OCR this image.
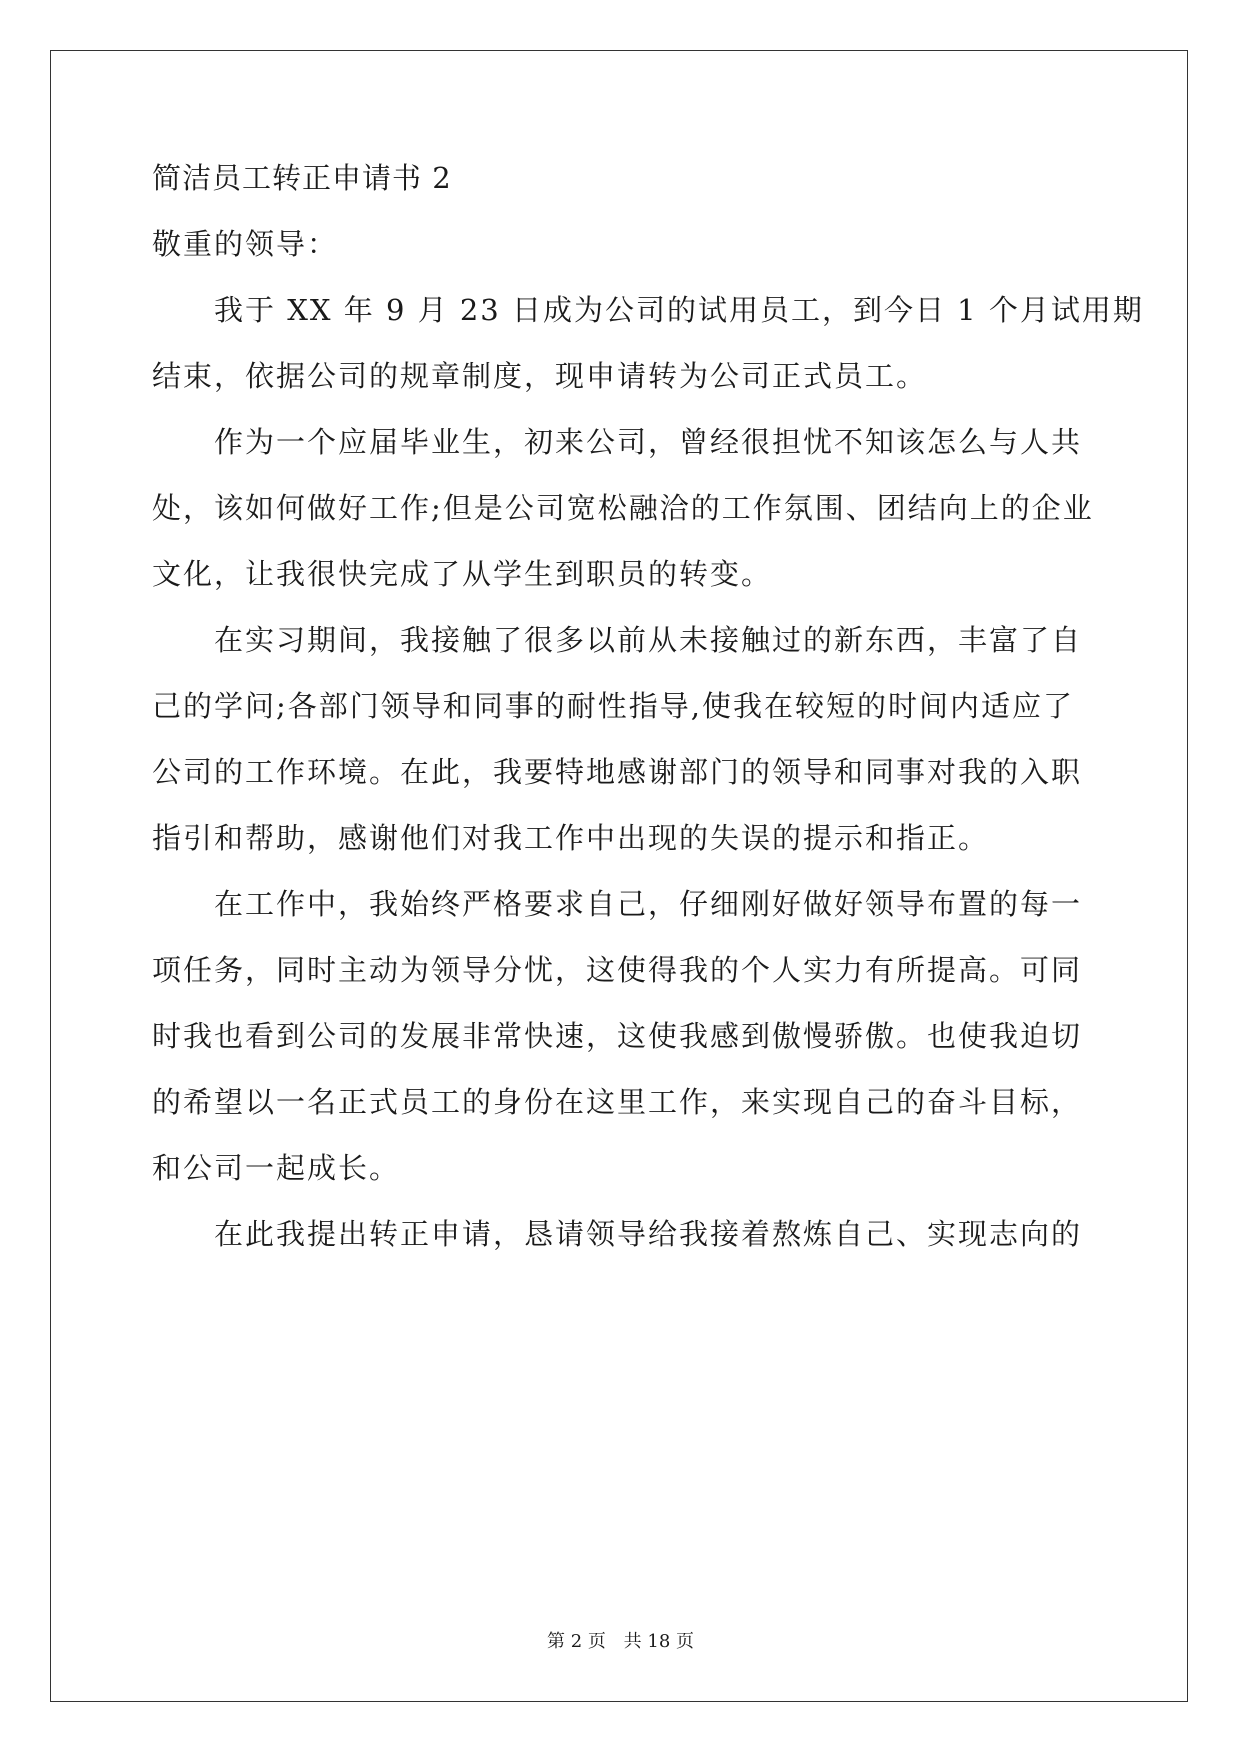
简洁员工转正申请书 2
敬重的领导：
我于 XX 年 9 月 23 日成为公司的试用员工，到今日 1 个月试用期
结束，依据公司的规章制度，现申请转为公司正式员工。
作为一个应届毕业生，初来公司，曾经很担忧不知该怎么与人共
处，该如何做好工作;但是公司宽松融洽的工作氛围、团结向上的企业
文化，让我很快完成了从学生到职员的转变。
在实习期间，我接触了很多以前从未接触过的新东西，丰富了自
己的学问;各部门领导和同事的耐性指导,使我在较短的时间内适应了
公司的工作环境。在此，我要特地感谢部门的领导和同事对我的入职
指引和帮助，感谢他们对我工作中出现的失误的提示和指正。
在工作中，我始终严格要求自己，仔细刚好做好领导布置的每一
项任务，同时主动为领导分忧，这使得我的个人实力有所提高。可同
时我也看到公司的发展非常快速，这使我感到傲慢骄傲。也使我迫切
的希望以一名正式员工的身份在这里工作，来实现自己的奋斗目标，
和公司一起成长。
在此我提出转正申请，恳请领导给我接着熬炼自己、实现志向的
第 2 页 共 18 页
